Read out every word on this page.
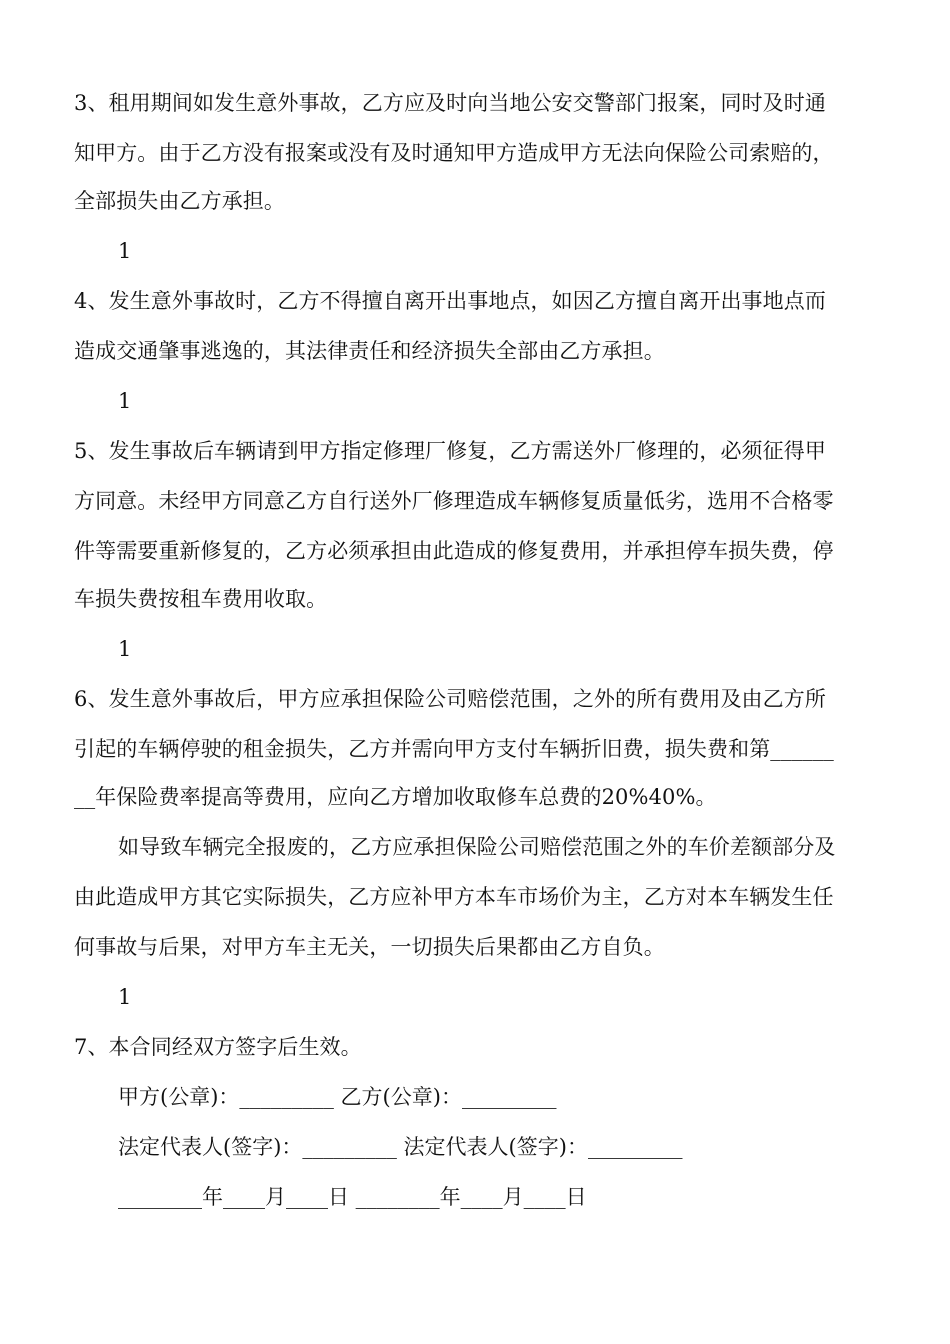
3、租用期间如发生意外事故，乙方应及时向当地公安交警部门报案，同时及时通
知甲方。由于乙方没有报案或没有及时通知甲方造成甲方无法向保险公司索赔的，
全部损失由乙方承担。
1
4、发生意外事故时，乙方不得擅自离开出事地点，如因乙方擅自离开出事地点而
造成交通肇事逃逸的，其法律责任和经济损失全部由乙方承担。
1
5、发生事故后车辆请到甲方指定修理厂修复，乙方需送外厂修理的，必须征得甲
方同意。未经甲方同意乙方自行送外厂修理造成车辆修复质量低劣，选用不合格零
件等需要重新修复的，乙方必须承担由此造成的修复费用，并承担停车损失费，停
车损失费按租车费用收取。
1
6、发生意外事故后，甲方应承担保险公司赔偿范围，之外的所有费用及由乙方所
引起的车辆停驶的租金损失，乙方并需向甲方支付车辆折旧费，损失费和第______
__年保险费率提高等费用，应向乙方增加收取修车总费的20%40%。
如导致车辆完全报废的，乙方应承担保险公司赔偿范围之外的车价差额部分及
由此造成甲方其它实际损失，乙方应补甲方本车市场价为主，乙方对本车辆发生任
何事故与后果，对甲方车主无关，一切损失后果都由乙方自负。
1
7、本合同经双方签字后生效。
甲方(公章)：_________ 乙方(公章)：_________
法定代表人(签字)：_________ 法定代表人(签字)：_________
________年____月____日 ________年____月____日
